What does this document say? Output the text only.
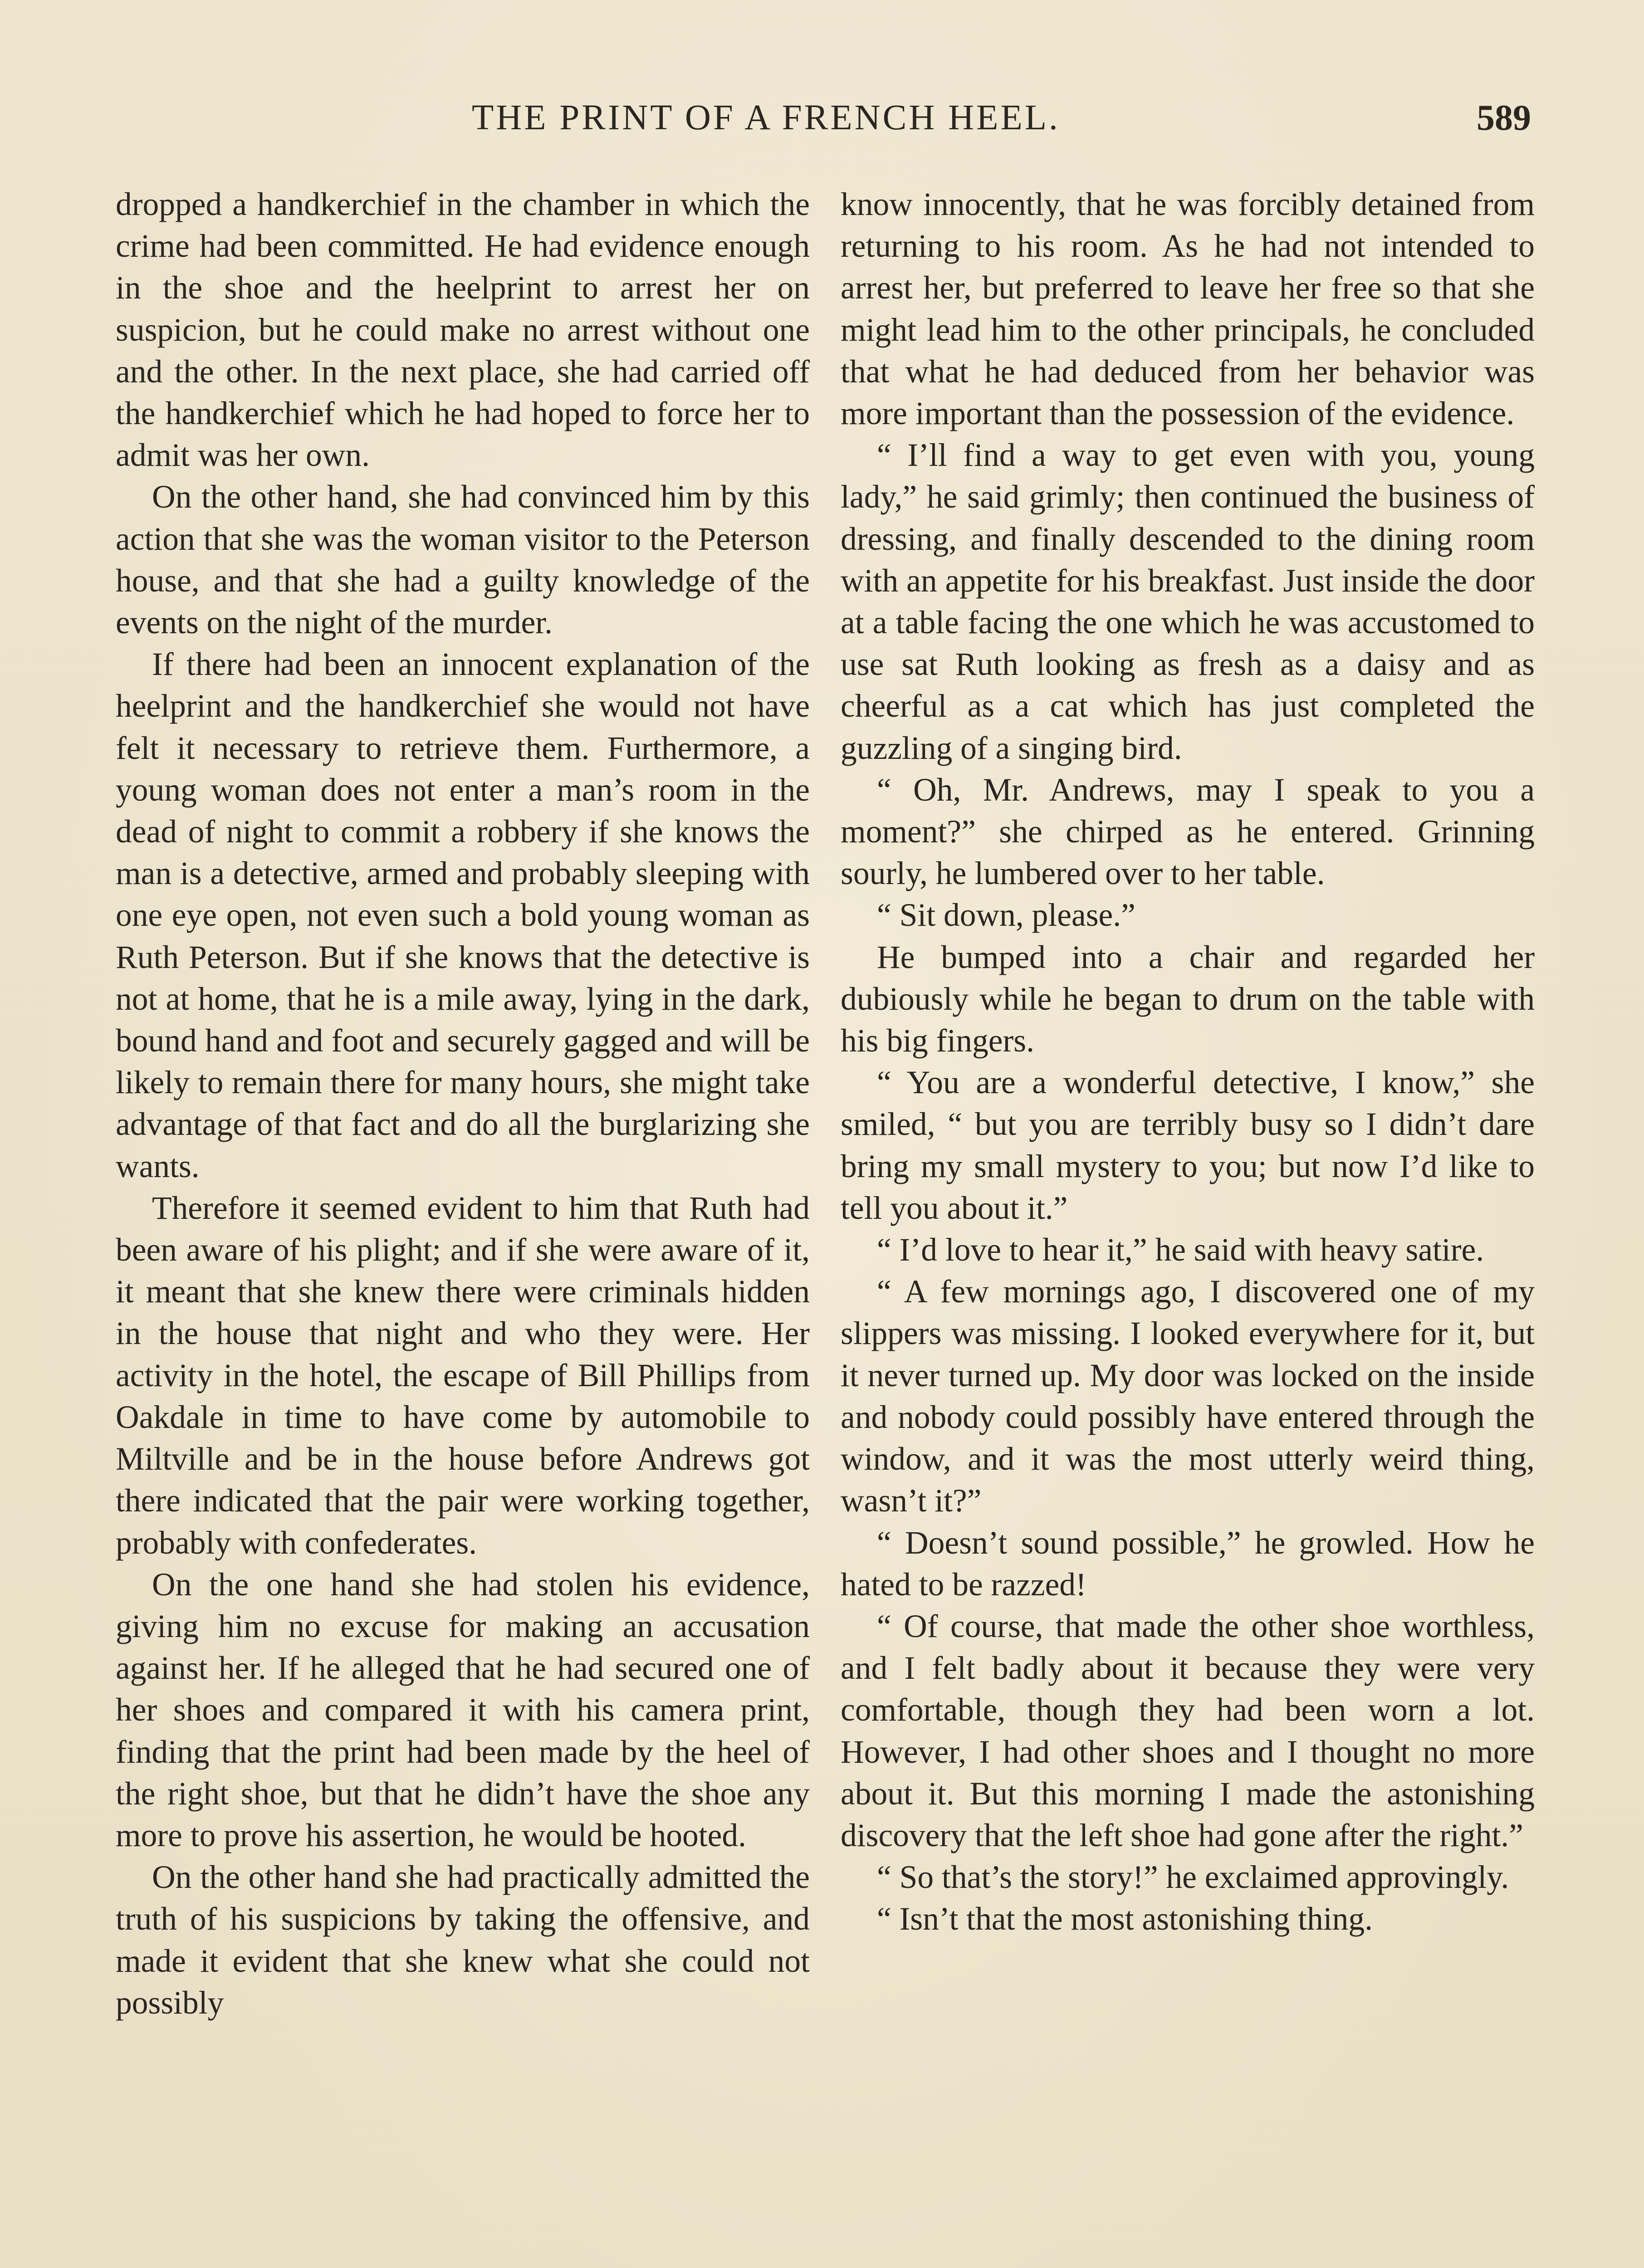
THE PRINT OF A FRENCH HEEL.	589

dropped a handkerchief in the chamber in which the crime had been committed. He had evidence enough in the shoe and the heelprint to arrest her on suspicion, but he could make no arrest without one and the other. In the next place, she had carried off the handkerchief which he had hoped to force her to admit was her own.

On the other hand, she had convinced him by this action that she was the woman visitor to the Peterson house, and that she had a guilty knowledge of the events on the night of the murder.

If there had been an innocent explanation of the heelprint and the handkerchief she would not have felt it necessary to retrieve them. Furthermore, a young woman does not enter a man’s room in the dead of night to commit a robbery if she knows the man is a detective, armed and probably sleeping with one eye open, not even such a bold young woman as Ruth Peterson. But if she knows that the detective is not at home, that he is a mile away, lying in the dark, bound hand and foot and securely gagged and will be likely to remain there for many hours, she might take advantage of that fact and do all the burglarizing she wants.

Therefore it seemed evident to him that Ruth had been aware of his plight; and if she were aware of it, it meant that she knew there were criminals hidden in the house that night and who they were. Her activity in the hotel, the escape of Bill Phillips from Oakdale in time to have come by automobile to Miltville and be in the house before Andrews got there indicated that the pair were working together, probably with confederates.

On the one hand she had stolen his evidence, giving him no excuse for making an accusation against her. If he alleged that he had secured one of her shoes and compared it with his camera print, finding that the print had been made by the heel of the right shoe, but that he didn’t have the shoe any more to prove his assertion, he would be hooted.

On the other hand she had practically admitted the truth of his suspicions by taking the offensive, and made it evident that she knew what she could not possibly

know innocently, that he was forcibly detained from returning to his room. As he had not intended to arrest her, but preferred to leave her free so that she might lead him to the other principals, he concluded that what he had deduced from her behavior was more important than the possession of the evidence.

“ I’ll find a way to get even with you, young lady,” he said grimly; then continued the business of dressing, and finally descended to the dining room with an appetite for his breakfast. Just inside the door at a table facing the one which he was accustomed to use sat Ruth looking as fresh as a daisy and as cheerful as a cat which has just completed the guzzling of a singing bird.

“ Oh, Mr. Andrews, may I speak to you a moment?” she chirped as he entered. Grinning sourly, he lumbered over to her table.

“ Sit down, please.”

He bumped into a chair and regarded her dubiously while he began to drum on the table with his big fingers.

“ You are a wonderful detective, I know,” she smiled, “ but you are terribly busy so I didn’t dare bring my small mystery to you; but now I’d like to tell you about it.”

“ I’d love to hear it,” he said with heavy satire.

“ A few mornings ago, I discovered one of my slippers was missing. I looked everywhere for it, but it never turned up. My door was locked on the inside and nobody could possibly have entered through the window, and it was the most utterly weird thing, wasn’t it?”

“ Doesn’t sound possible,” he growled. How he hated to be razzed!

“ Of course, that made the other shoe worthless, and I felt badly about it because they were very comfortable, though they had been worn a lot. However, I had other shoes and I thought no more about it. But this morning I made the astonishing discovery that the left shoe had gone after the right.”

“ So that’s the story!” he exclaimed approvingly.

“ Isn’t that the most astonishing thing.
